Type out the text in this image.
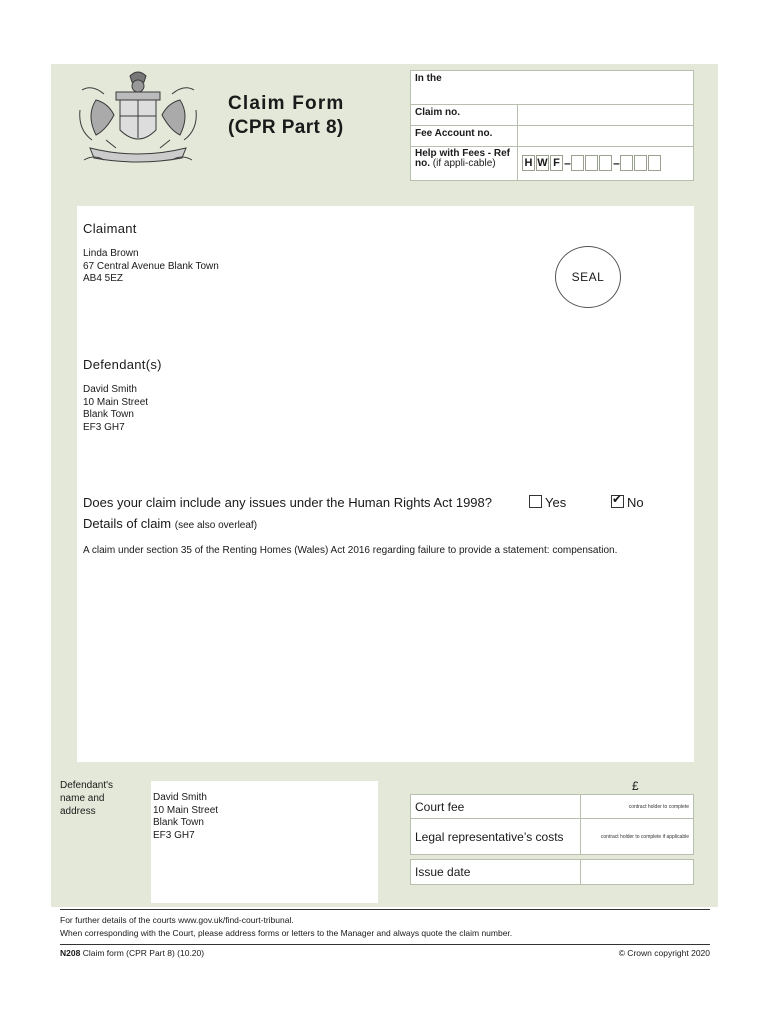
Claim Form
(CPR Part 8)
In the	
Claim no.	
Fee Account no.	
Help with Fees - Ref no. (if appli-cable)	H W F – –
Claimant
Linda Brown
67 Central Avenue Blank Town
AB4 5EZ	SEAL
Defendant(s)
David Smith
10 Main Street
Blank Town
EF3 GH7
Does your claim include any issues under the Human Rights Act 1998?	Yes ✔	No
Details of claim (see also overleaf)
A claim under section 35 of the Renting Homes (Wales) Act 2016 regarding failure to provide a statement: compensation.
Defendant's name and address
David Smith
10 Main Street
Blank Town
EF3 GH7
£
Court fee	contract holder to complete
Legal representative’s costs	contract holder to complete if applicable

Issue date	
For further details of the courts www.gov.uk/find-court-tribunal.
When corresponding with the Court, please address forms or letters to the Manager and always quote the claim number.
N208 Claim form (CPR Part 8) (10.20)	© Crown copyright 2020
